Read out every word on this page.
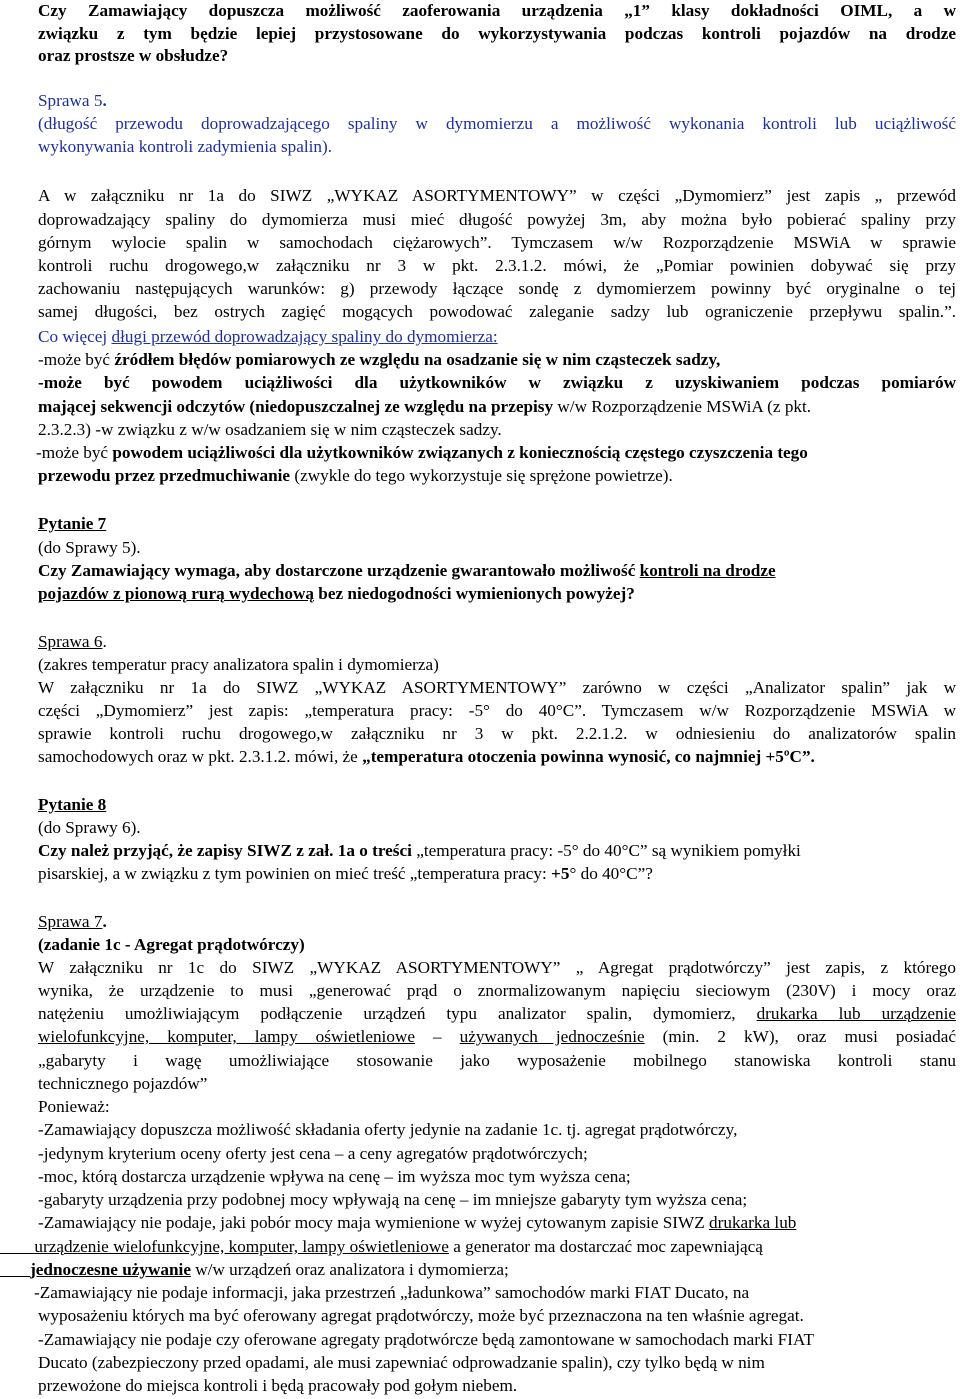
Czy Zamawiający dopuszcza możliwość zaoferowania urządzenia „1” klasy dokładności OIML, a w
związku z tym będzie lepiej przystosowane do wykorzystywania podczas kontroli pojazdów na drodze
oraz prostsze w obsłudze?
Sprawa 5.
(długość przewodu doprowadzającego spaliny w dymomierzu a możliwość wykonania kontroli lub uciążliwość
wykonywania kontroli zadymienia spalin).
A w załączniku nr 1a do SIWZ „WYKAZ ASORTYMENTOWY” w części „Dymomierz” jest zapis „ przewód
doprowadzający spaliny do dymomierza musi mieć długość powyżej 3m, aby można było pobierać spaliny przy
górnym wylocie spalin w samochodach ciężarowych”. Tymczasem w/w Rozporządzenie MSWiA w sprawie
kontroli ruchu drogowego,w załączniku nr 3 w pkt. 2.3.1.2. mówi, że „Pomiar powinien dobywać się przy
zachowaniu następujących warunków: g) przewody łączące sondę z dymomierzem powinny być oryginalne o tej
samej długości, bez ostrych zagięć mogących powodować zaleganie sadzy lub ograniczenie przepływu spalin.”.
Co więcej długi przewód doprowadzający spaliny do dymomierza:
-może być źródłem błędów pomiarowych ze względu na osadzanie się w nim cząsteczek sadzy,
-może być powodem uciążliwości dla użytkowników w związku z uzyskiwaniem podczas pomiarów
mającej sekwencji odczytów (niedopuszczalnej ze względu na przepisy w/w Rozporządzenie MSWiA (z pkt.
2.3.2.3) -w związku z w/w osadzaniem się w nim cząsteczek sadzy.
-może być powodem uciążliwości dla użytkowników związanych z koniecznością częstego czyszczenia tego
przewodu przez przedmuchiwanie (zwykle do tego wykorzystuje się sprężone powietrze).
Pytanie 7
(do Sprawy 5).
Czy Zamawiający wymaga, aby dostarczone urządzenie gwarantowało możliwość kontroli na drodze
pojazdów z pionową rurą wydechową bez niedogodności wymienionych powyżej?
Sprawa 6.
(zakres temperatur pracy analizatora spalin i dymomierza)
W załączniku nr 1a do SIWZ „WYKAZ ASORTYMENTOWY” zarówno w części „Analizator spalin” jak w
części „Dymomierz” jest zapis: „temperatura pracy: -5° do 40°C”. Tymczasem w/w Rozporządzenie MSWiA w
sprawie kontroli ruchu drogowego,w załączniku nr 3 w pkt. 2.2.1.2. w odniesieniu do analizatorów spalin
samochodowych oraz w pkt. 2.3.1.2. mówi, że „temperatura otoczenia powinna wynosić, co najmniej +5ºC”.
Pytanie 8
(do Sprawy 6).
Czy należ przyjąć, że zapisy SIWZ z zał. 1a o treści „temperatura pracy: -5° do 40°C” są wynikiem pomyłki
pisarskiej, a w związku z tym powinien on mieć treść „temperatura pracy: +5° do 40°C”?
Sprawa 7.
(zadanie 1c - Agregat prądotwórczy)
W załączniku nr 1c do SIWZ „WYKAZ ASORTYMENTOWY” „ Agregat prądotwórczy” jest zapis, z którego
wynika, że urządzenie to musi „generować prąd o znormalizowanym napięciu sieciowym (230V) i mocy oraz
natężeniu umożliwiającym podłączenie urządzeń typu analizator spalin, dymomierz, drukarka lub urządzenie
wielofunkcyjne, komputer, lampy oświetleniowe – używanych jednocześnie (min. 2 kW), oraz musi posiadać
„gabaryty i wagę umożliwiające stosowanie jako wyposażenie mobilnego stanowiska kontroli stanu
technicznego pojazdów”
Ponieważ:
-Zamawiający dopuszcza możliwość składania oferty jedynie na zadanie 1c. tj. agregat prądotwórczy,
-jedynym kryterium oceny oferty jest cena – a ceny agregatów prądotwórczych;
-moc, którą dostarcza urządzenie wpływa na cenę – im wyższa moc tym wyższa cena;
-gabaryty urządzenia przy podobnej mocy wpływają na cenę – im mniejsze gabaryty tym wyższa cena;
-Zamawiający nie podaje, jaki pobór mocy maja wymienione w wyżej cytowanym zapisie SIWZ drukarka lub
urządzenie wielofunkcyjne, komputer, lampy oświetleniowe a generator ma dostarczać moc zapewniającą
jednoczesne używanie w/w urządzeń oraz analizatora i dymomierza;
-Zamawiający nie podaje informacji, jaka przestrzeń „ładunkowa” samochodów marki FIAT Ducato, na
wyposażeniu których ma być oferowany agregat prądotwórczy, może być przeznaczona na ten właśnie agregat.
-Zamawiający nie podaje czy oferowane agregaty prądotwórcze będą zamontowane w samochodach marki FIAT
Ducato (zabezpieczony przed opadami, ale musi zapewniać odprowadzanie spalin), czy tylko będą w nim
przewożone do miejsca kontroli i będą pracowały pod gołym niebem.
